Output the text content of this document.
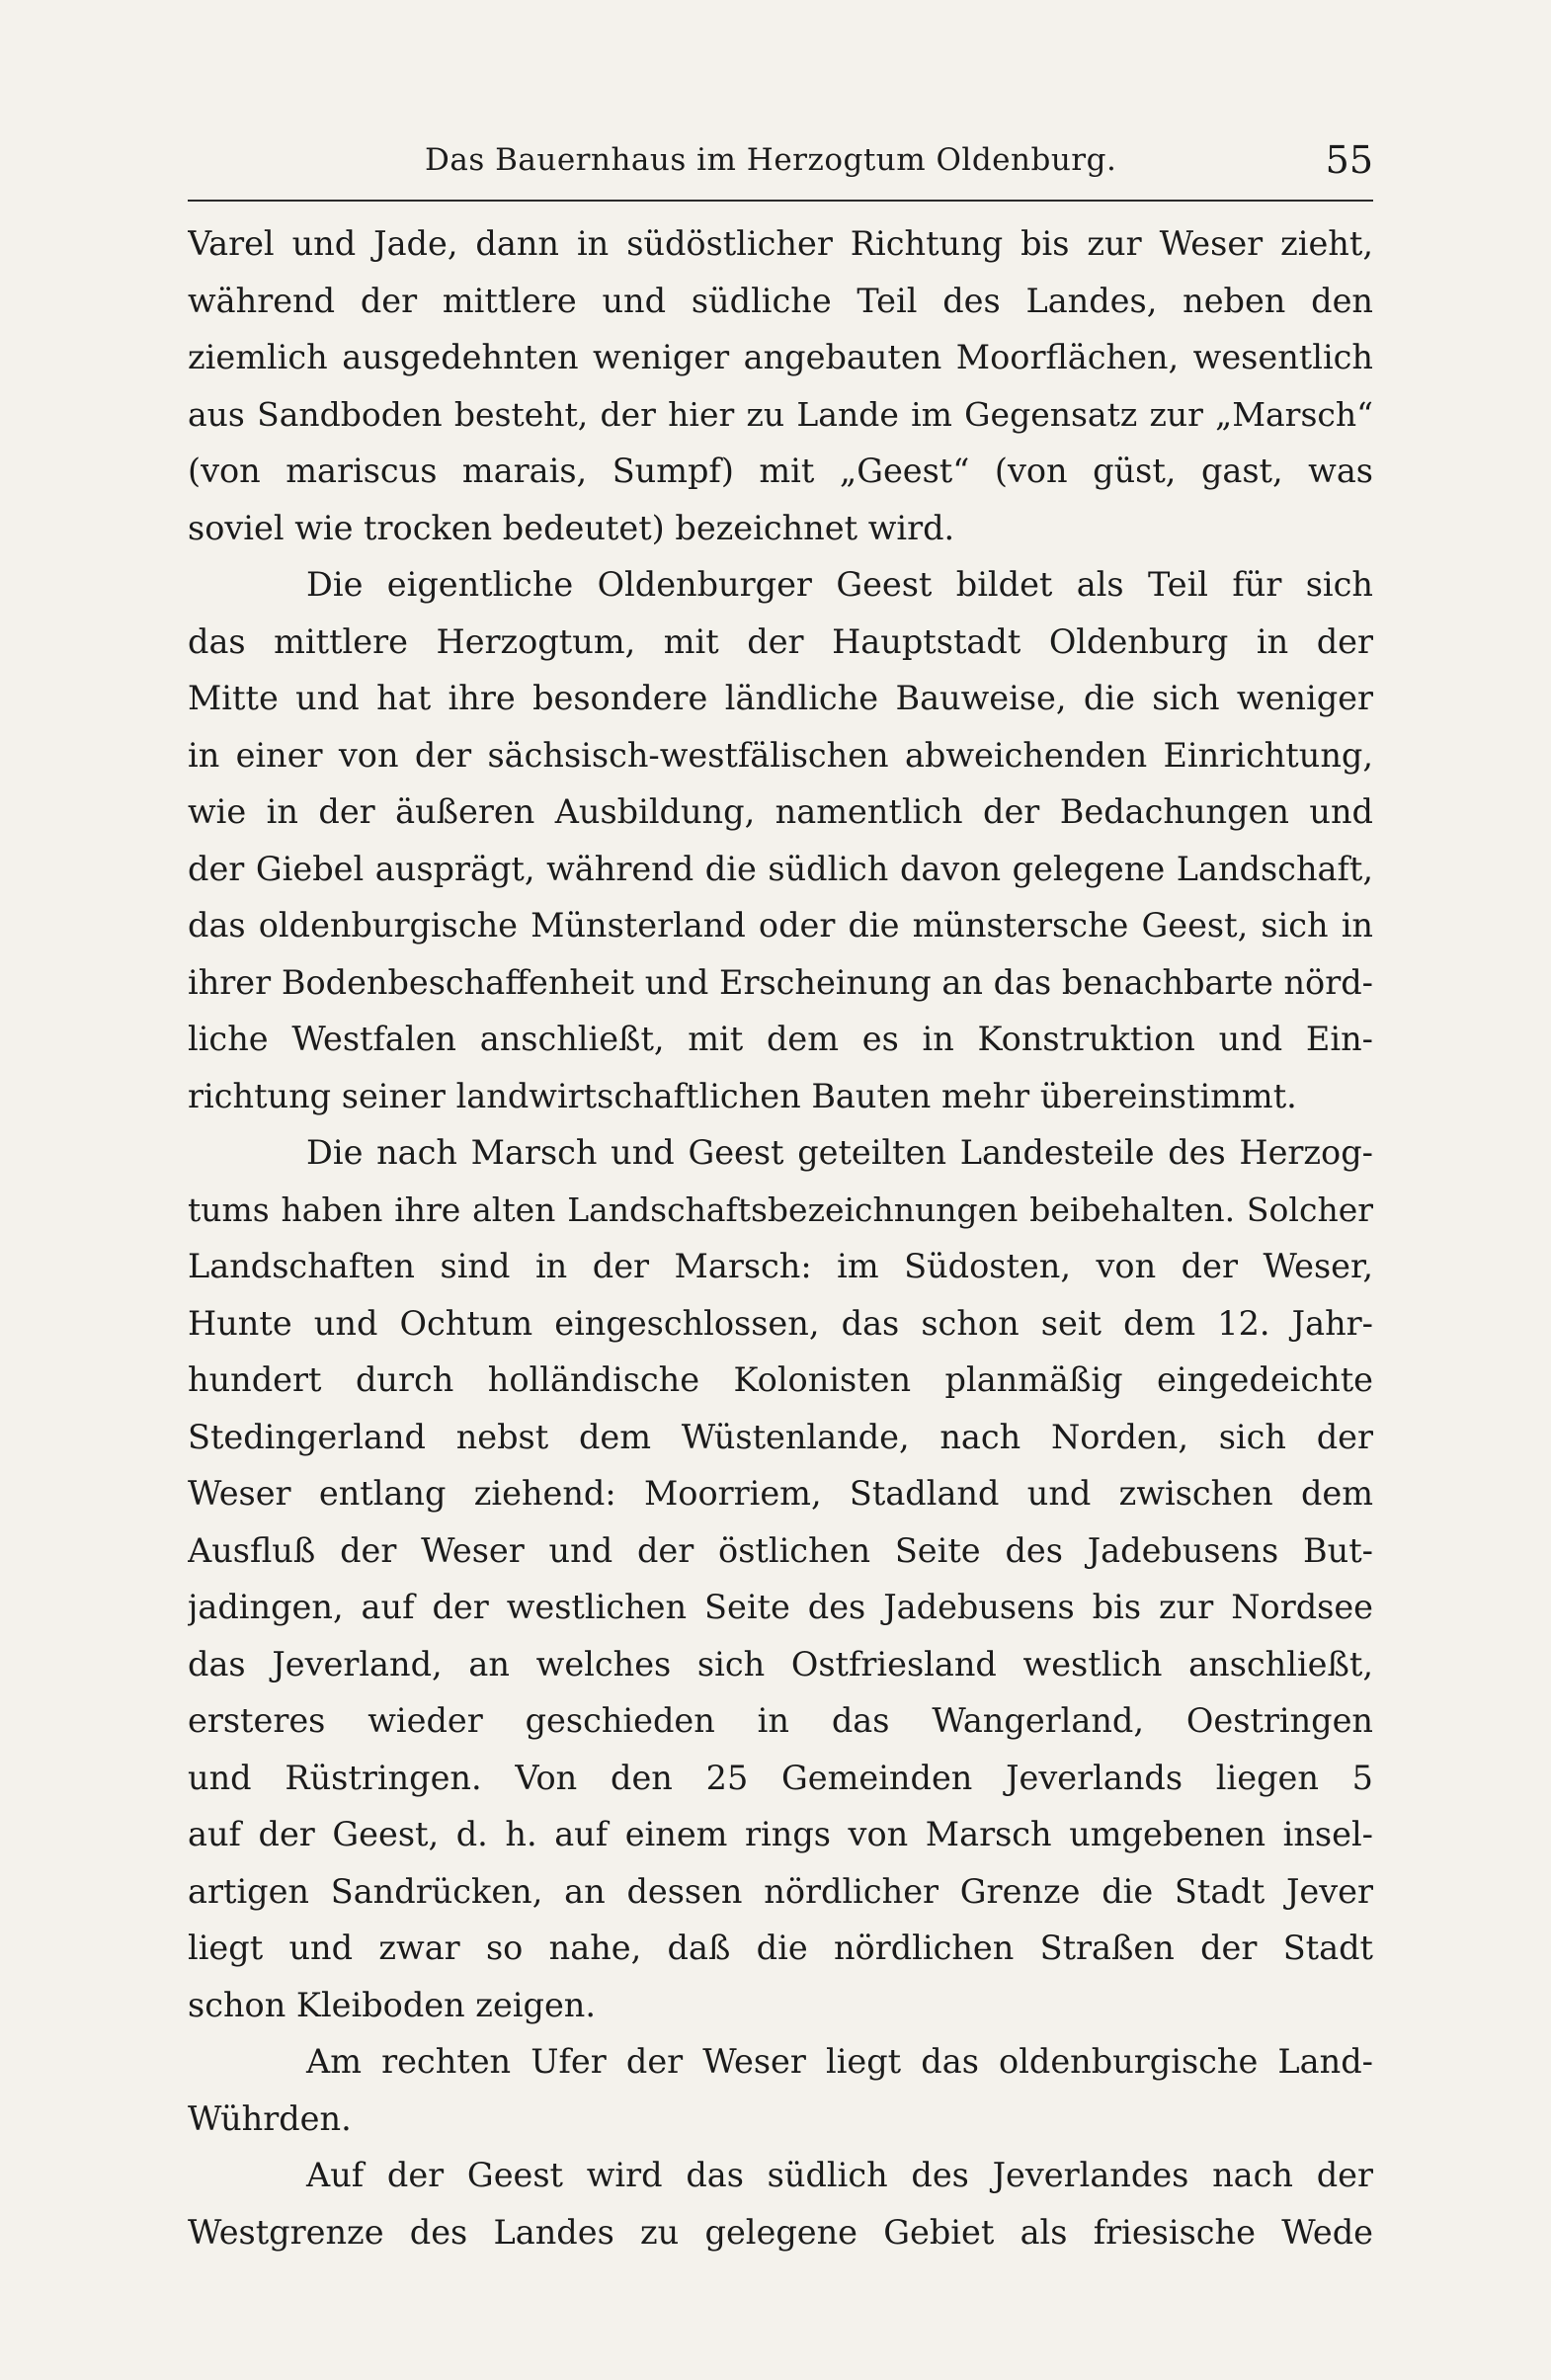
Das Bauernhaus im Herzogtum Oldenburg.	55
Varel und Jade, dann in südöstlicher Richtung bis zur Weser zieht,
während der mittlere und südliche Teil des Landes, neben den
ziemlich ausgedehnten weniger angebauten Moorflächen, wesentlich
aus Sandboden besteht, der hier zu Lande im Gegensatz zur „Marsch“
(von mariscus marais, Sumpf) mit „Geest“ (von güst, gast, was
soviel wie trocken bedeutet) bezeichnet wird.
Die eigentliche Oldenburger Geest bildet als Teil für sich
das mittlere Herzogtum, mit der Hauptstadt Oldenburg in der
Mitte und hat ihre besondere ländliche Bauweise, die sich weniger
in einer von der sächsisch-westfälischen abweichenden Einrichtung,
wie in der äußeren Ausbildung, namentlich der Bedachungen und
der Giebel ausprägt, während die südlich davon gelegene Landschaft,
das oldenburgische Münsterland oder die münstersche Geest, sich in
ihrer Bodenbeschaffenheit und Erscheinung an das benachbarte nörd-
liche Westfalen anschließt, mit dem es in Konstruktion und Ein-
richtung seiner landwirtschaftlichen Bauten mehr übereinstimmt.
Die nach Marsch und Geest geteilten Landesteile des Herzog-
tums haben ihre alten Landschaftsbezeichnungen beibehalten. Solcher
Landschaften sind in der Marsch: im Südosten, von der Weser,
Hunte und Ochtum eingeschlossen, das schon seit dem 12. Jahr-
hundert durch holländische Kolonisten planmäßig eingedeichte
Stedingerland nebst dem Wüstenlande, nach Norden, sich der
Weser entlang ziehend: Moorriem, Stadland und zwischen dem
Ausfluß der Weser und der östlichen Seite des Jadebusens But-
jadingen, auf der westlichen Seite des Jadebusens bis zur Nordsee
das Jeverland, an welches sich Ostfriesland westlich anschließt,
ersteres wieder geschieden in das Wangerland, Oestringen
und Rüstringen. Von den 25 Gemeinden Jeverlands liegen 5
auf der Geest, d. h. auf einem rings von Marsch umgebenen insel-
artigen Sandrücken, an dessen nördlicher Grenze die Stadt Jever
liegt und zwar so nahe, daß die nördlichen Straßen der Stadt
schon Kleiboden zeigen.
Am rechten Ufer der Weser liegt das oldenburgische Land-
Wührden.
Auf der Geest wird das südlich des Jeverlandes nach der
Westgrenze des Landes zu gelegene Gebiet als friesische Wede
